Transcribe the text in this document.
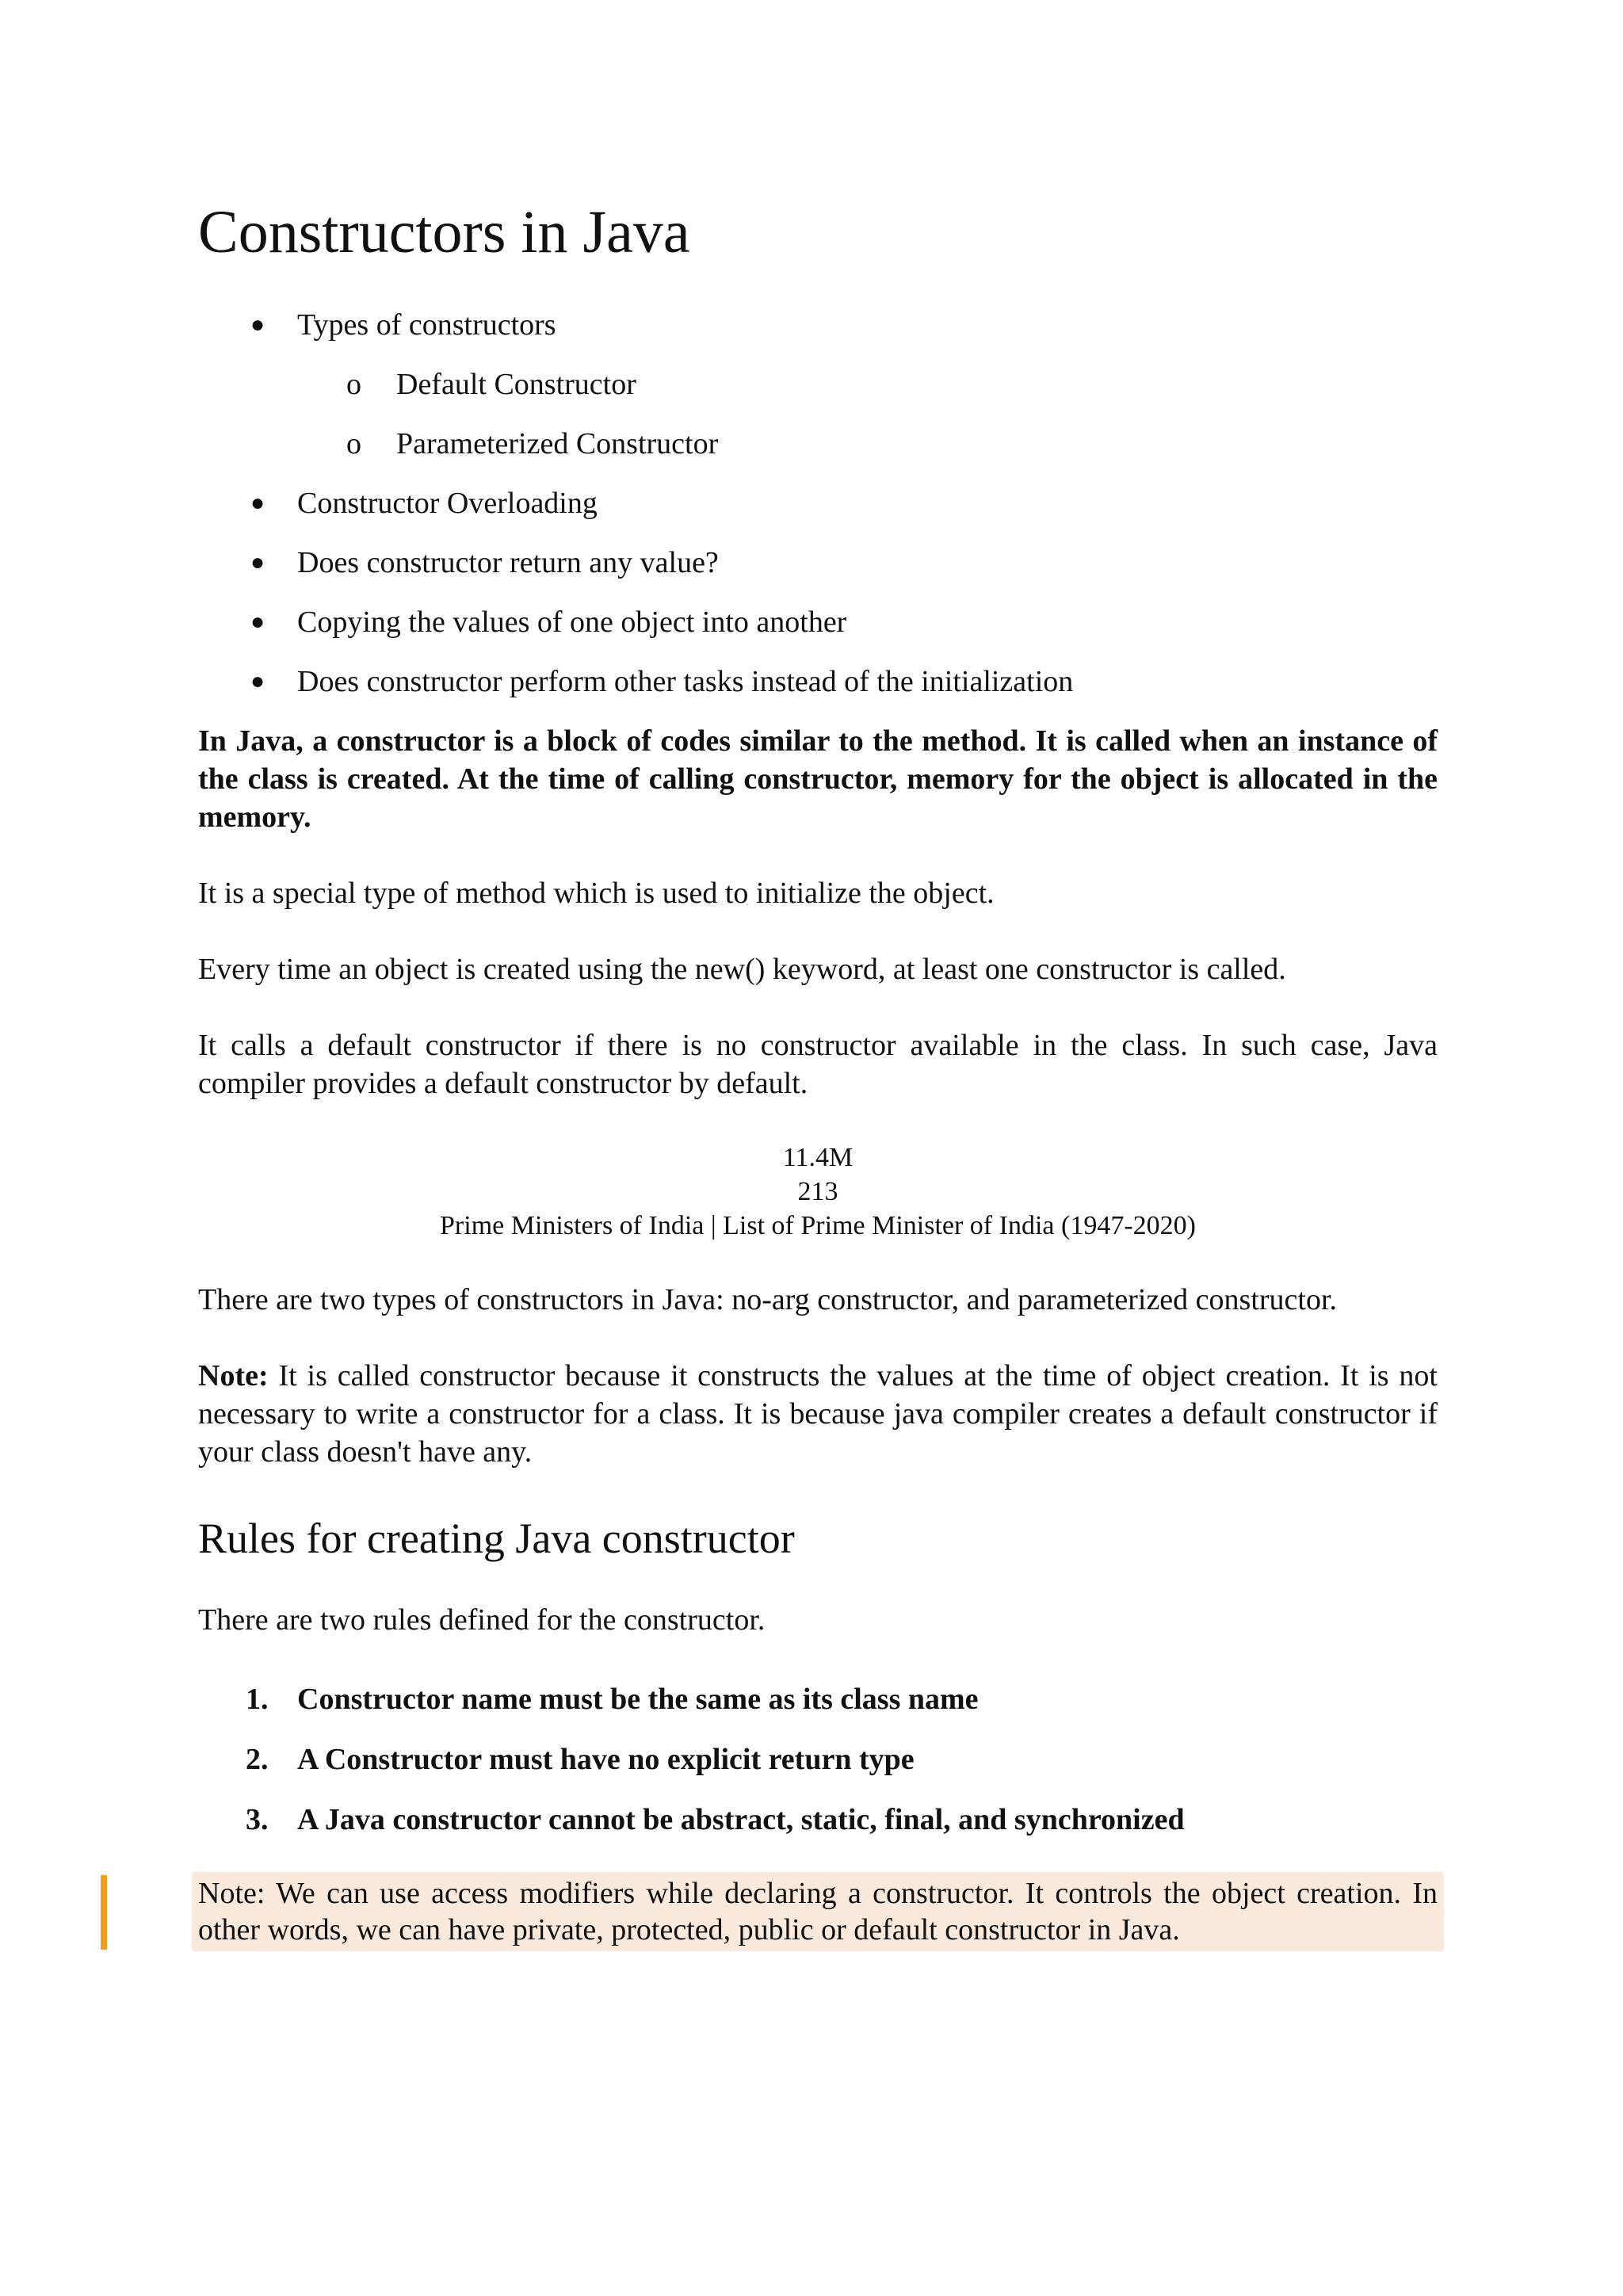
Constructors in Java
● Types of constructors
o Default Constructor
o Parameterized Constructor
● Constructor Overloading
● Does constructor return any value?
● Copying the values of one object into another
● Does constructor perform other tasks instead of the initialization

In Java, a constructor is a block of codes similar to the method. It is called when an instance of the class is created. At the time of calling constructor, memory for the object is allocated in the memory.

It is a special type of method which is used to initialize the object.

Every time an object is created using the new() keyword, at least one constructor is called.

It calls a default constructor if there is no constructor available in the class. In such case, Java compiler provides a default constructor by default.

11.4M
213
Prime Ministers of India | List of Prime Minister of India (1947-2020)

There are two types of constructors in Java: no-arg constructor, and parameterized constructor.

Note: It is called constructor because it constructs the values at the time of object creation. It is not necessary to write a constructor for a class. It is because java compiler creates a default constructor if your class doesn't have any.

Rules for creating Java constructor

There are two rules defined for the constructor.

1. Constructor name must be the same as its class name
2. A Constructor must have no explicit return type
3. A Java constructor cannot be abstract, static, final, and synchronized
Note: We can use access modifiers while declaring a constructor. It controls the object creation. In other words, we can have private, protected, public or default constructor in Java.
